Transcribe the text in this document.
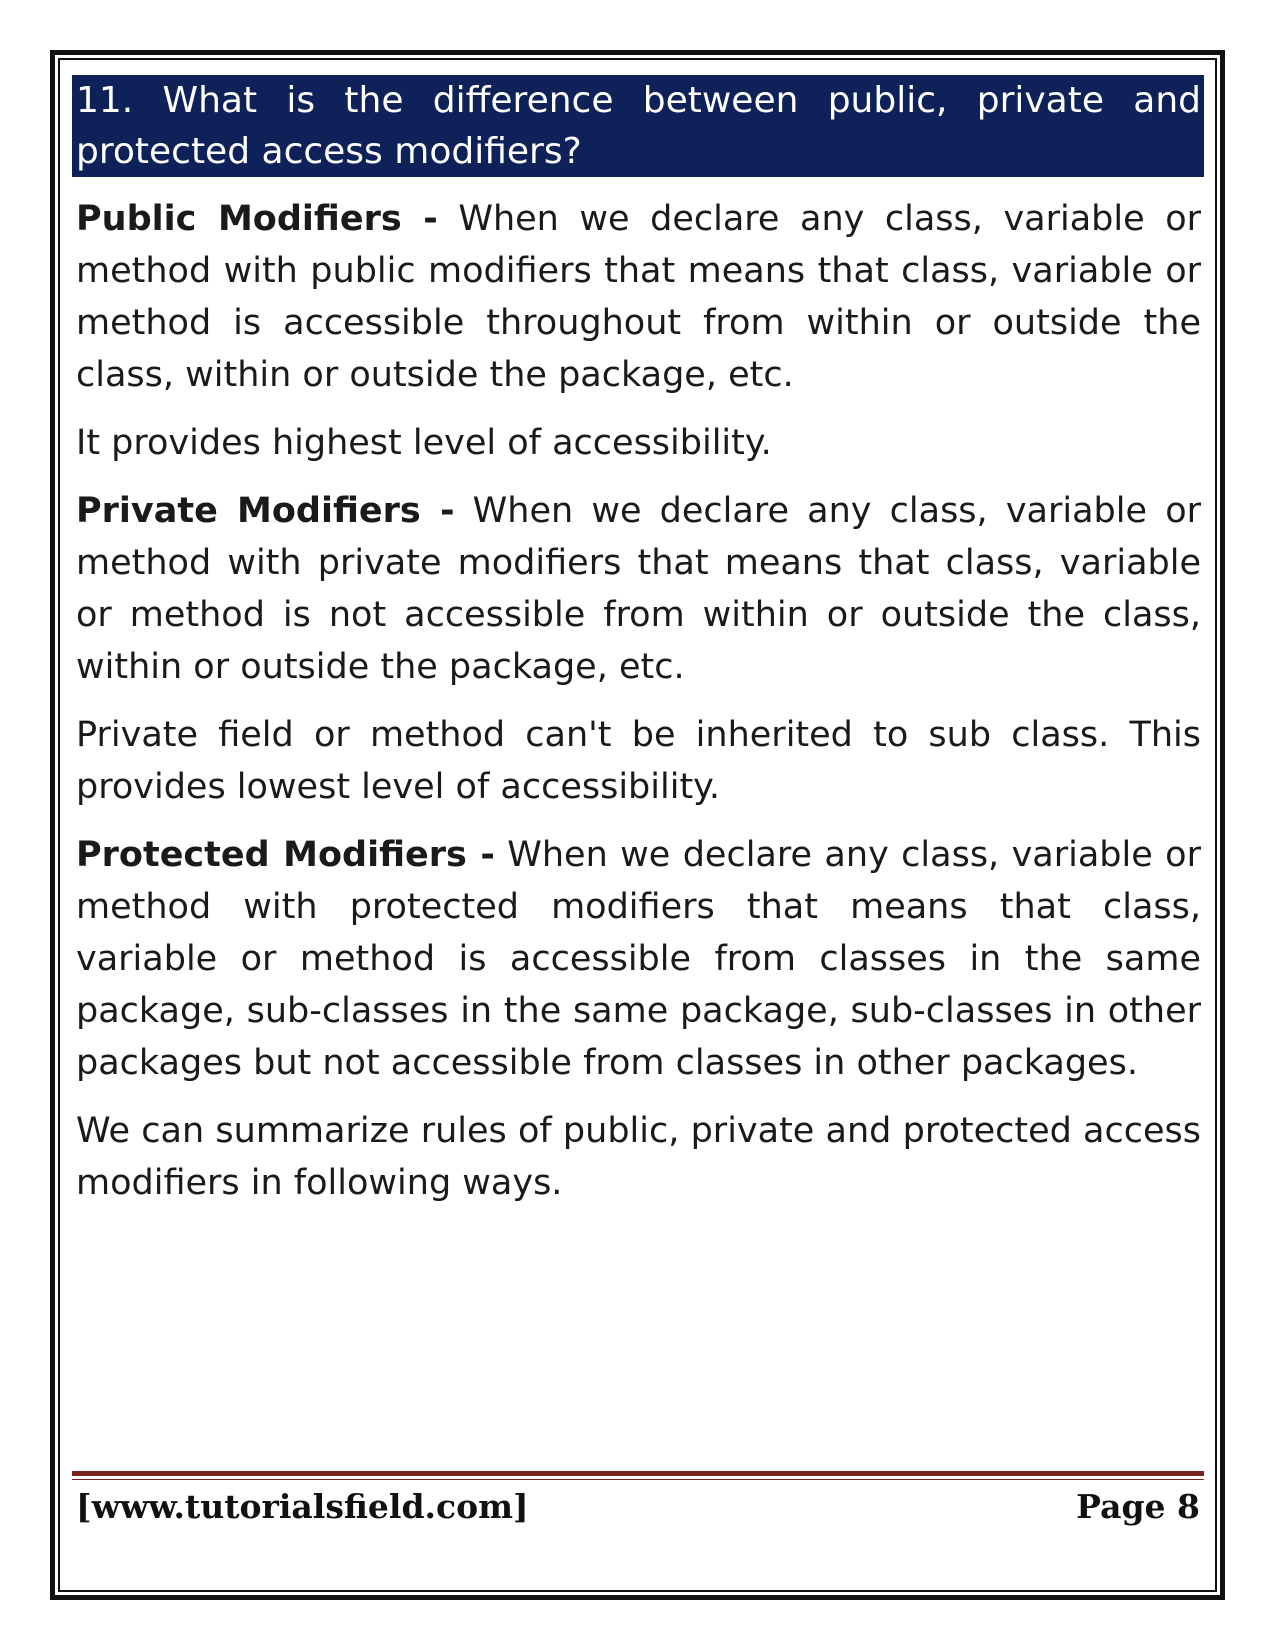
11. What is the difference between public, private and protected access modifiers?

Public Modifiers - When we declare any class, variable or method with public modifiers that means that class, variable or method is accessible throughout from within or outside the class, within or outside the package, etc.

It provides highest level of accessibility.

Private Modifiers - When we declare any class, variable or method with private modifiers that means that class, variable or method is not accessible from within or outside the class, within or outside the package, etc.

Private field or method can't be inherited to sub class. This provides lowest level of accessibility.

Protected Modifiers - When we declare any class, variable or method with protected modifiers that means that class, variable or method is accessible from classes in the same package, sub-classes in the same package, sub-classes in other packages but not accessible from classes in other packages.

We can summarize rules of public, private and protected access modifiers in following ways.

[www.tutorialsfield.com]	Page 8
